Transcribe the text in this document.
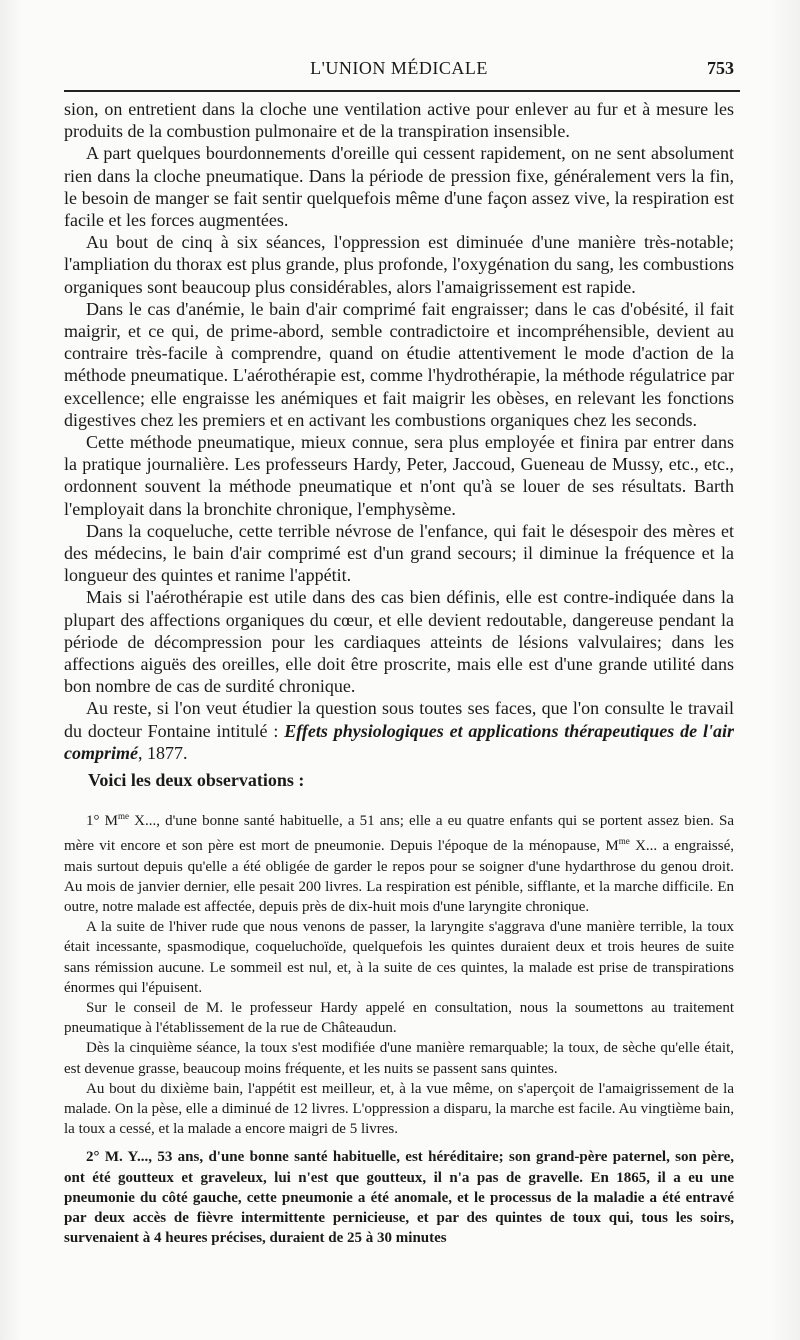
L'UNION MÉDICALE	753

sion, on entretient dans la cloche une ventilation active pour enlever au fur et à mesure les produits de la combustion pulmonaire et de la transpiration insensible.

A part quelques bourdonnements d'oreille qui cessent rapidement, on ne sent absolument rien dans la cloche pneumatique. Dans la période de pression fixe, généralement vers la fin, le besoin de manger se fait sentir quelquefois même d'une façon assez vive, la respiration est facile et les forces augmentées.

Au bout de cinq à six séances, l'oppression est diminuée d'une manière très-notable; l'ampliation du thorax est plus grande, plus profonde, l'oxygénation du sang, les combustions organiques sont beaucoup plus considérables, alors l'amaigrissement est rapide.

Dans le cas d'anémie, le bain d'air comprimé fait engraisser; dans le cas d'obésité, il fait maigrir, et ce qui, de prime-abord, semble contradictoire et incompréhensible, devient au contraire très-facile à comprendre, quand on étudie attentivement le mode d'action de la méthode pneumatique. L'aérothérapie est, comme l'hydrothérapie, la méthode régulatrice par excellence; elle engraisse les anémiques et fait maigrir les obèses, en relevant les fonctions digestives chez les premiers et en activant les combustions organiques chez les seconds.

Cette méthode pneumatique, mieux connue, sera plus employée et finira par entrer dans la pratique journalière. Les professeurs Hardy, Peter, Jaccoud, Gueneau de Mussy, etc., etc., ordonnent souvent la méthode pneumatique et n'ont qu'à se louer de ses résultats. Barth l'employait dans la bronchite chronique, l'emphysème.

Dans la coqueluche, cette terrible névrose de l'enfance, qui fait le désespoir des mères et des médecins, le bain d'air comprimé est d'un grand secours; il diminue la fréquence et la longueur des quintes et ranime l'appétit.

Mais si l'aérothérapie est utile dans des cas bien définis, elle est contre-indiquée dans la plupart des affections organiques du cœur, et elle devient redoutable, dangereuse pendant la période de décompression pour les cardiaques atteints de lésions valvulaires; dans les affections aiguës des oreilles, elle doit être proscrite, mais elle est d'une grande utilité dans bon nombre de cas de surdité chronique.

Au reste, si l'on veut étudier la question sous toutes ses faces, que l'on consulte le travail du docteur Fontaine intitulé : Effets physiologiques et applications thérapeutiques de l'air comprimé, 1877.

Voici les deux observations :

1° $M^{me}$ X..., d'une bonne santé habituelle, a 51 ans; elle a eu quatre enfants qui se portent assez bien. Sa mère vit encore et son père est mort de pneumonie. Depuis l'époque de la ménopause, $M^{me}$ X... a engraissé, mais surtout depuis qu'elle a été obligée de garder le repos pour se soigner d'une hydarthrose du genou droit. Au mois de janvier dernier, elle pesait 200 livres. La respiration est pénible, sifflante, et la marche difficile. En outre, notre malade est affectée, depuis près de dix-huit mois d'une laryngite chronique.

A la suite de l'hiver rude que nous venons de passer, la laryngite s'aggrava d'une manière terrible, la toux était incessante, spasmodique, coqueluchoïde, quelquefois les quintes duraient deux et trois heures de suite sans rémission aucune. Le sommeil est nul, et, à la suite de ces quintes, la malade est prise de transpirations énormes qui l'épuisent.

Sur le conseil de M. le professeur Hardy appelé en consultation, nous la soumettons au traitement pneumatique à l'établissement de la rue de Châteaudun.

Dès la cinquième séance, la toux s'est modifiée d'une manière remarquable; la toux, de sèche qu'elle était, est devenue grasse, beaucoup moins fréquente, et les nuits se passent sans quintes.

Au bout du dixième bain, l'appétit est meilleur, et, à la vue même, on s'aperçoit de l'amaigrissement de la malade. On la pèse, elle a diminué de 12 livres. L'oppression a disparu, la marche est facile. Au vingtième bain, la toux a cessé, et la malade a encore maigri de 5 livres.

2° M. Y..., 53 ans, d'une bonne santé habituelle, est héréditaire; son grand-père paternel, son père, ont été goutteux et graveleux, lui n'est que goutteux, il n'a pas de gravelle. En 1865, il a eu une pneumonie du côté gauche, cette pneumonie a été anomale, et le processus de la maladie a été entravé par deux accès de fièvre intermittente pernicieuse, et par des quintes de toux qui, tous les soirs, survenaient à 4 heures précises, duraient de 25 à 30 minutes
